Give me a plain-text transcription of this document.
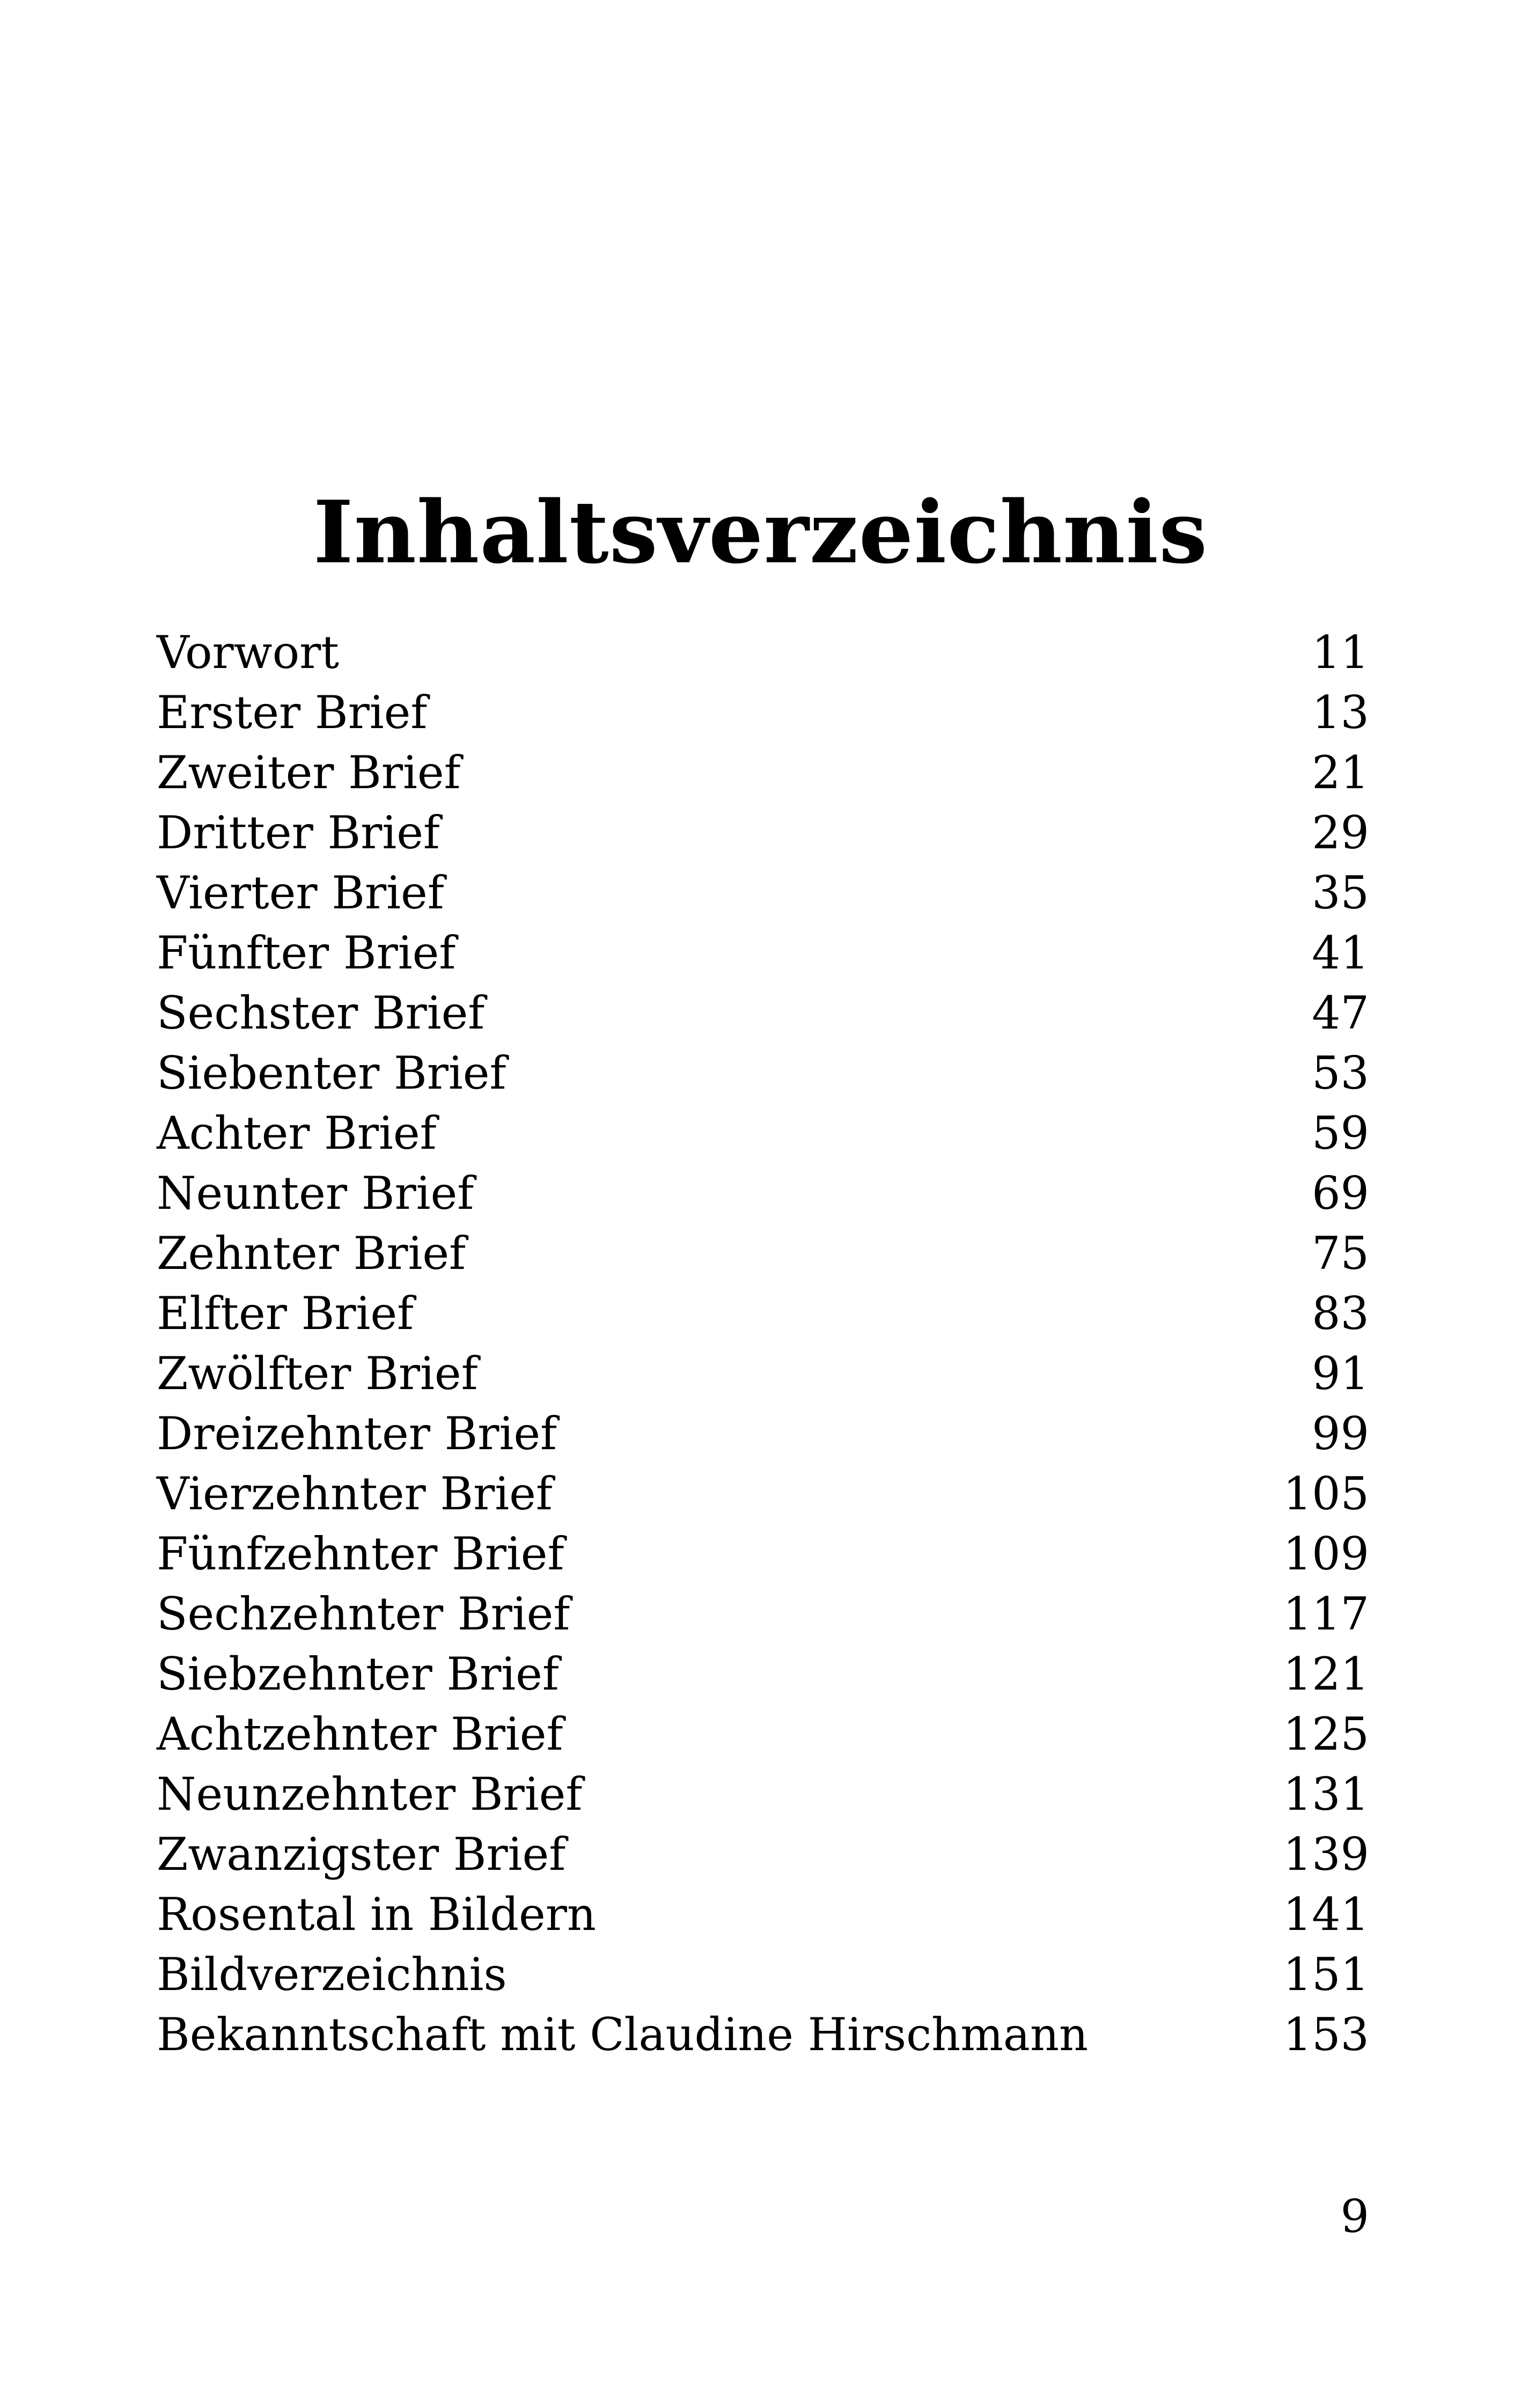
Inhaltsverzeichnis
Vorwort	11
Erster Brief	13
Zweiter Brief	21
Dritter Brief	29
Vierter Brief	35
Fünfter Brief	41
Sechster Brief	47
Siebenter Brief	53
Achter Brief	59
Neunter Brief	69
Zehnter Brief	75
Elfter Brief	83
Zwölfter Brief	91
Dreizehnter Brief	99
Vierzehnter Brief	105
Fünfzehnter Brief	109
Sechzehnter Brief	117
Siebzehnter Brief	121
Achtzehnter Brief	125
Neunzehnter Brief	131
Zwanzigster Brief	139
Rosental in Bildern	141
Bildverzeichnis	151
Bekanntschaft mit Claudine Hirschmann	153
9
